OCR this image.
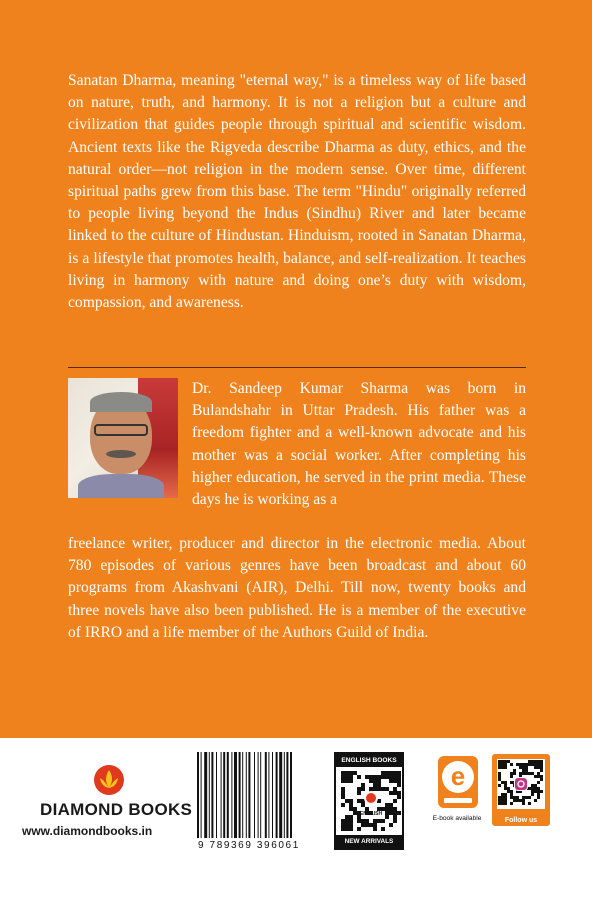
Sanatan Dharma, meaning "eternal way," is a timeless way of life based on nature, truth, and harmony. It is not a religion but a culture and civilization that guides people through spiritual and scientific wisdom. Ancient texts like the Rigveda describe Dharma as duty, ethics, and the natural order—not religion in the modern sense. Over time, different spiritual paths grew from this base. The term "Hindu" originally referred to people living beyond the Indus (Sindhu) River and later became linked to the culture of Hindustan. Hinduism, rooted in Sanatan Dharma, is a lifestyle that promotes health, balance, and self-realization. It teaches living in harmony with nature and doing one’s duty with wisdom, compassion, and awareness.

Dr. Sandeep Kumar Sharma was born in Bulandshahr in Uttar Pradesh. His father was a freedom fighter and a well-known advocate and his mother was a social worker. After completing his higher education, he served in the print media. These days he is working as a

freelance writer, producer and director in the electronic media. About 780 episodes of various genres have been broadcast and about 60 programs from Akashvani (AIR), Delhi. Till now, twenty books and three novels have also been published. He is a member of the executive of IRRO and a life member of the Authors Guild of India.

DIAMOND BOOKS
www.diamondbooks.in
9 789369 396061
ENGLISH BOOKS
ENGLISH
NEW ARRIVALS
e
E-book available	Follow us
